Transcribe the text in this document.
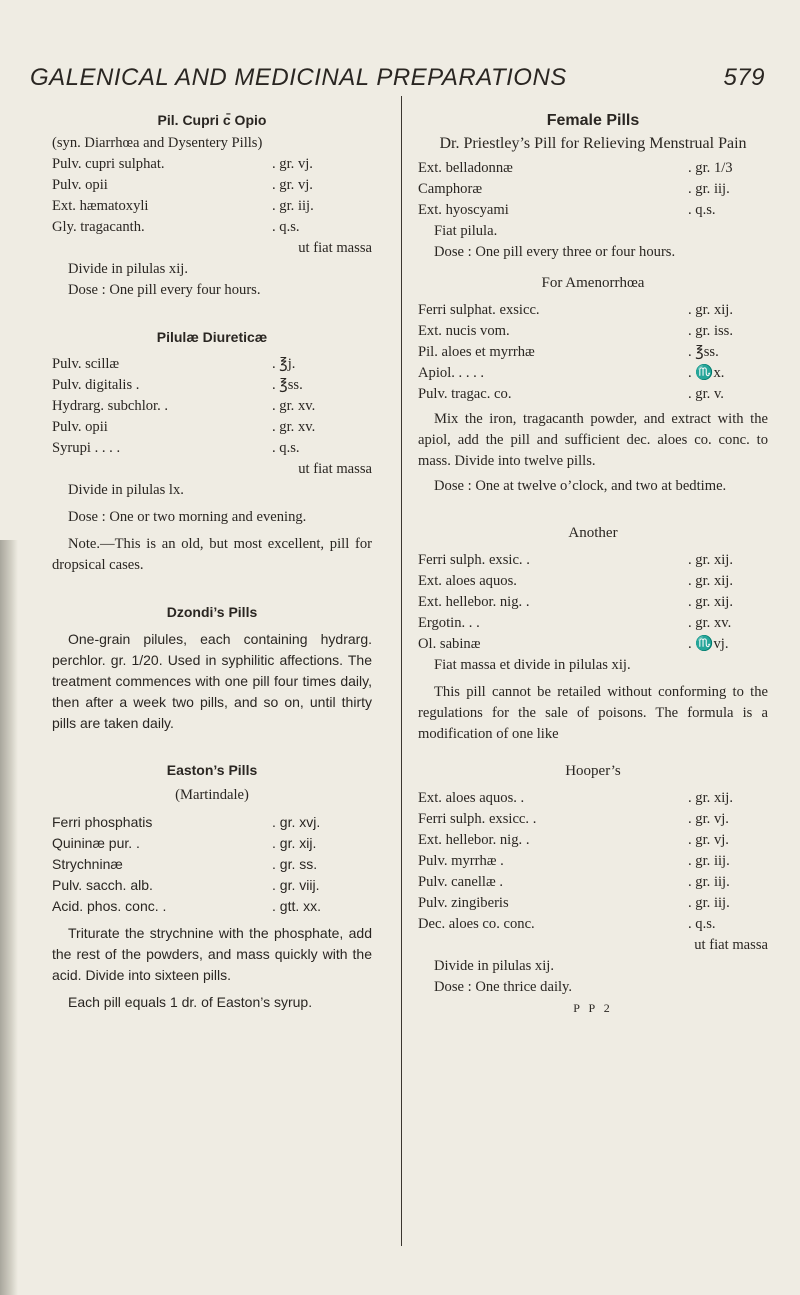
GALENICAL AND MEDICINAL PREPARATIONS	579
Pil. Cupri c̄ Opio
(syn. Diarrhœa and Dysentery Pills)
Pulv. cupri sulphat.	. gr. vj.
Pulv. opii	. gr. vj.
Ext. hæmatoxyli	. gr. iij.
Gly. tragacanth.	. q.s.
ut fiat massa

Divide in pilulas xij.

Dose : One pill every four hours.

Pilulæ Diureticæ
Pulv. scillæ	. ℥j.
Pulv. digitalis .	. ℥ss.
Hydrarg. subchlor. .	. gr. xv.
Pulv. opii	. gr. xv.
Syrupi . . . .	. q.s.
ut fiat massa

Divide in pilulas lx.

Dose : One or two morning and evening.

Note.—This is an old, but most excellent, pill for dropsical cases.

Dzondi’s Pills

One-grain pilules, each containing hydrarg. perchlor. gr. 1/20. Used in syphilitic affections. The treatment commences with one pill four times daily, then after a week two pills, and so on, until thirty pills are taken daily.

Easton’s Pills
(Martindale)
Ferri phosphatis	. gr. xvj.
Quininæ pur. .	. gr. xij.
Strychninæ	. gr. ss.
Pulv. sacch. alb.	. gr. viij.
Acid. phos. conc. .	. gtt. xx.

Triturate the strychnine with the phosphate, add the rest of the powders, and mass quickly with the acid. Divide into sixteen pills.

Each pill equals 1 dr. of Easton’s syrup.

Female Pills
Dr. Priestley’s Pill for Relieving Menstrual Pain
Ext. belladonnæ	. gr. 1/3
Camphoræ	. gr. iij.
Ext. hyoscyami	. q.s.

Fiat pilula.

Dose : One pill every three or four hours.

For Amenorrhœa
Ferri sulphat. exsicc.	. gr. xij.
Ext. nucis vom.	. gr. iss.
Pil. aloes et myrrhæ	. ℥ss.
Apiol. . . . .	. ♏x.
Pulv. tragac. co.	. gr. v.

Mix the iron, tragacanth powder, and extract with the apiol, add the pill and sufficient dec. aloes co. conc. to mass. Divide into twelve pills.

Dose : One at twelve o’clock, and two at bedtime.

Another
Ferri sulph. exsic. .	. gr. xij.
Ext. aloes aquos.	. gr. xij.
Ext. hellebor. nig. .	. gr. xij.
Ergotin. . .	. gr. xv.
Ol. sabinæ	. ♏vj.

Fiat massa et divide in pilulas xij.

This pill cannot be retailed without conforming to the regulations for the sale of poisons. The formula is a modification of one like

Hooper’s
Ext. aloes aquos. .	. gr. xij.
Ferri sulph. exsicc. .	. gr. vj.
Ext. hellebor. nig. .	. gr. vj.
Pulv. myrrhæ .	. gr. iij.
Pulv. canellæ .	. gr. iij.
Pulv. zingiberis	. gr. iij.
Dec. aloes co. conc.	. q.s.
ut fiat massa

Divide in pilulas xij.

Dose : One thrice daily.

P P 2
